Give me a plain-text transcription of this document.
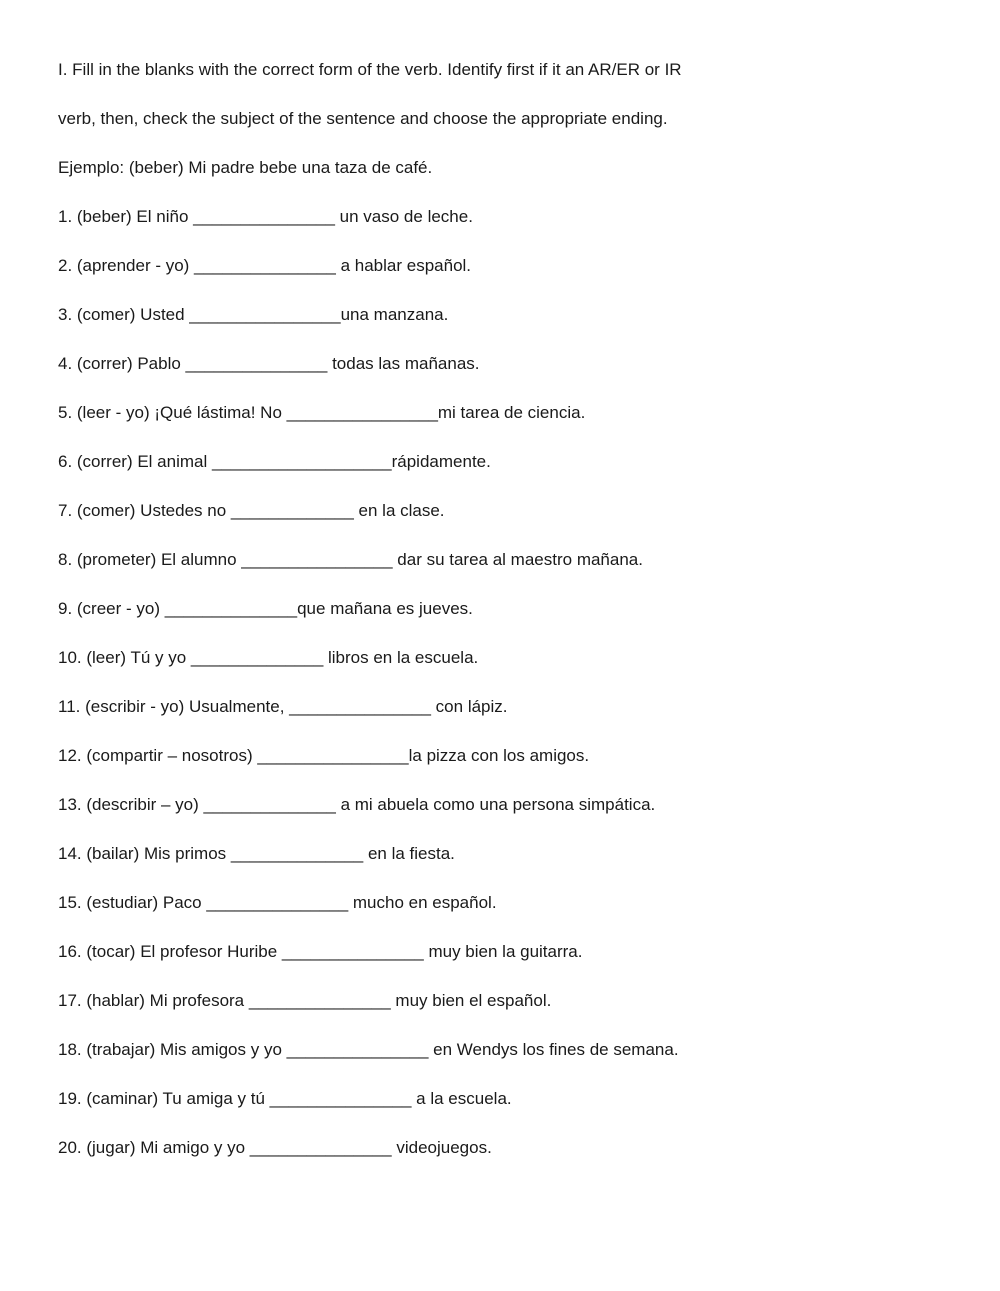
I. Fill in the blanks with the correct form of the verb. Identify first if it an AR/ER or IR
verb, then, check the subject of the sentence and choose the appropriate ending.
Ejemplo: (beber) Mi padre bebe una taza de café.
1. (beber) El niño _______________ un vaso de leche.
2. (aprender - yo) _______________ a hablar español.
3. (comer) Usted ________________una manzana.
4. (correr) Pablo _______________ todas las mañanas.
5. (leer - yo) ¡Qué lástima! No ________________mi tarea de ciencia.
6. (correr) El animal ___________________rápidamente.
7. (comer) Ustedes no _____________ en la clase.
8. (prometer) El alumno ________________ dar su tarea al maestro mañana.
9. (creer - yo) ______________que mañana es jueves.
10. (leer) Tú y yo ______________ libros en la escuela.
11. (escribir - yo) Usualmente, _______________ con lápiz.
12. (compartir – nosotros) ________________la pizza con los amigos.
13. (describir – yo) ______________ a mi abuela como una persona simpática.
14. (bailar) Mis primos ______________ en la fiesta.
15. (estudiar) Paco _______________ mucho en español.
16. (tocar) El profesor Huribe _______________ muy bien la guitarra.
17. (hablar) Mi profesora _______________ muy bien el español.
18. (trabajar) Mis amigos y yo _______________ en Wendys los fines de semana.
19. (caminar) Tu amiga y tú _______________ a la escuela.
20. (jugar) Mi amigo y yo _______________ videojuegos.
